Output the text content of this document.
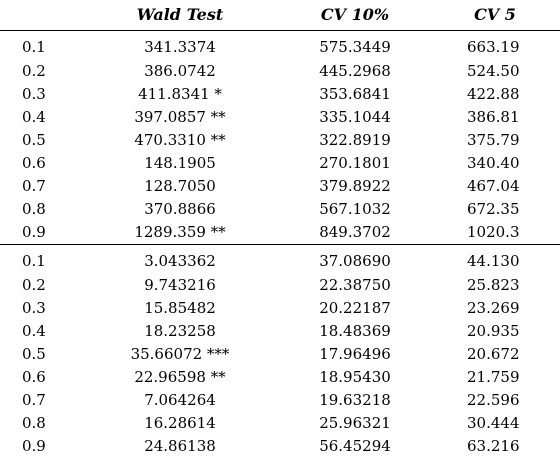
	Wald Test	CV 10%	CV 5
0.1	341.3374	575.3449	663.19
0.2	386.0742	445.2968	524.50
0.3	411.8341 *	353.6841	422.88
0.4	397.0857 **	335.1044	386.81
0.5	470.3310 **	322.8919	375.79
0.6	148.1905	270.1801	340.40
0.7	128.7050	379.8922	467.04
0.8	370.8866	567.1032	672.35
0.9	1289.359 **	849.3702	1020.3
0.1	3.043362	37.08690	44.130
0.2	9.743216	22.38750	25.823
0.3	15.85482	20.22187	23.269
0.4	18.23258	18.48369	20.935
0.5	35.66072 ***	17.96496	20.672
0.6	22.96598 **	18.95430	21.759
0.7	7.064264	19.63218	22.596
0.8	16.28614	25.96321	30.444
0.9	24.86138	56.45294	63.216
